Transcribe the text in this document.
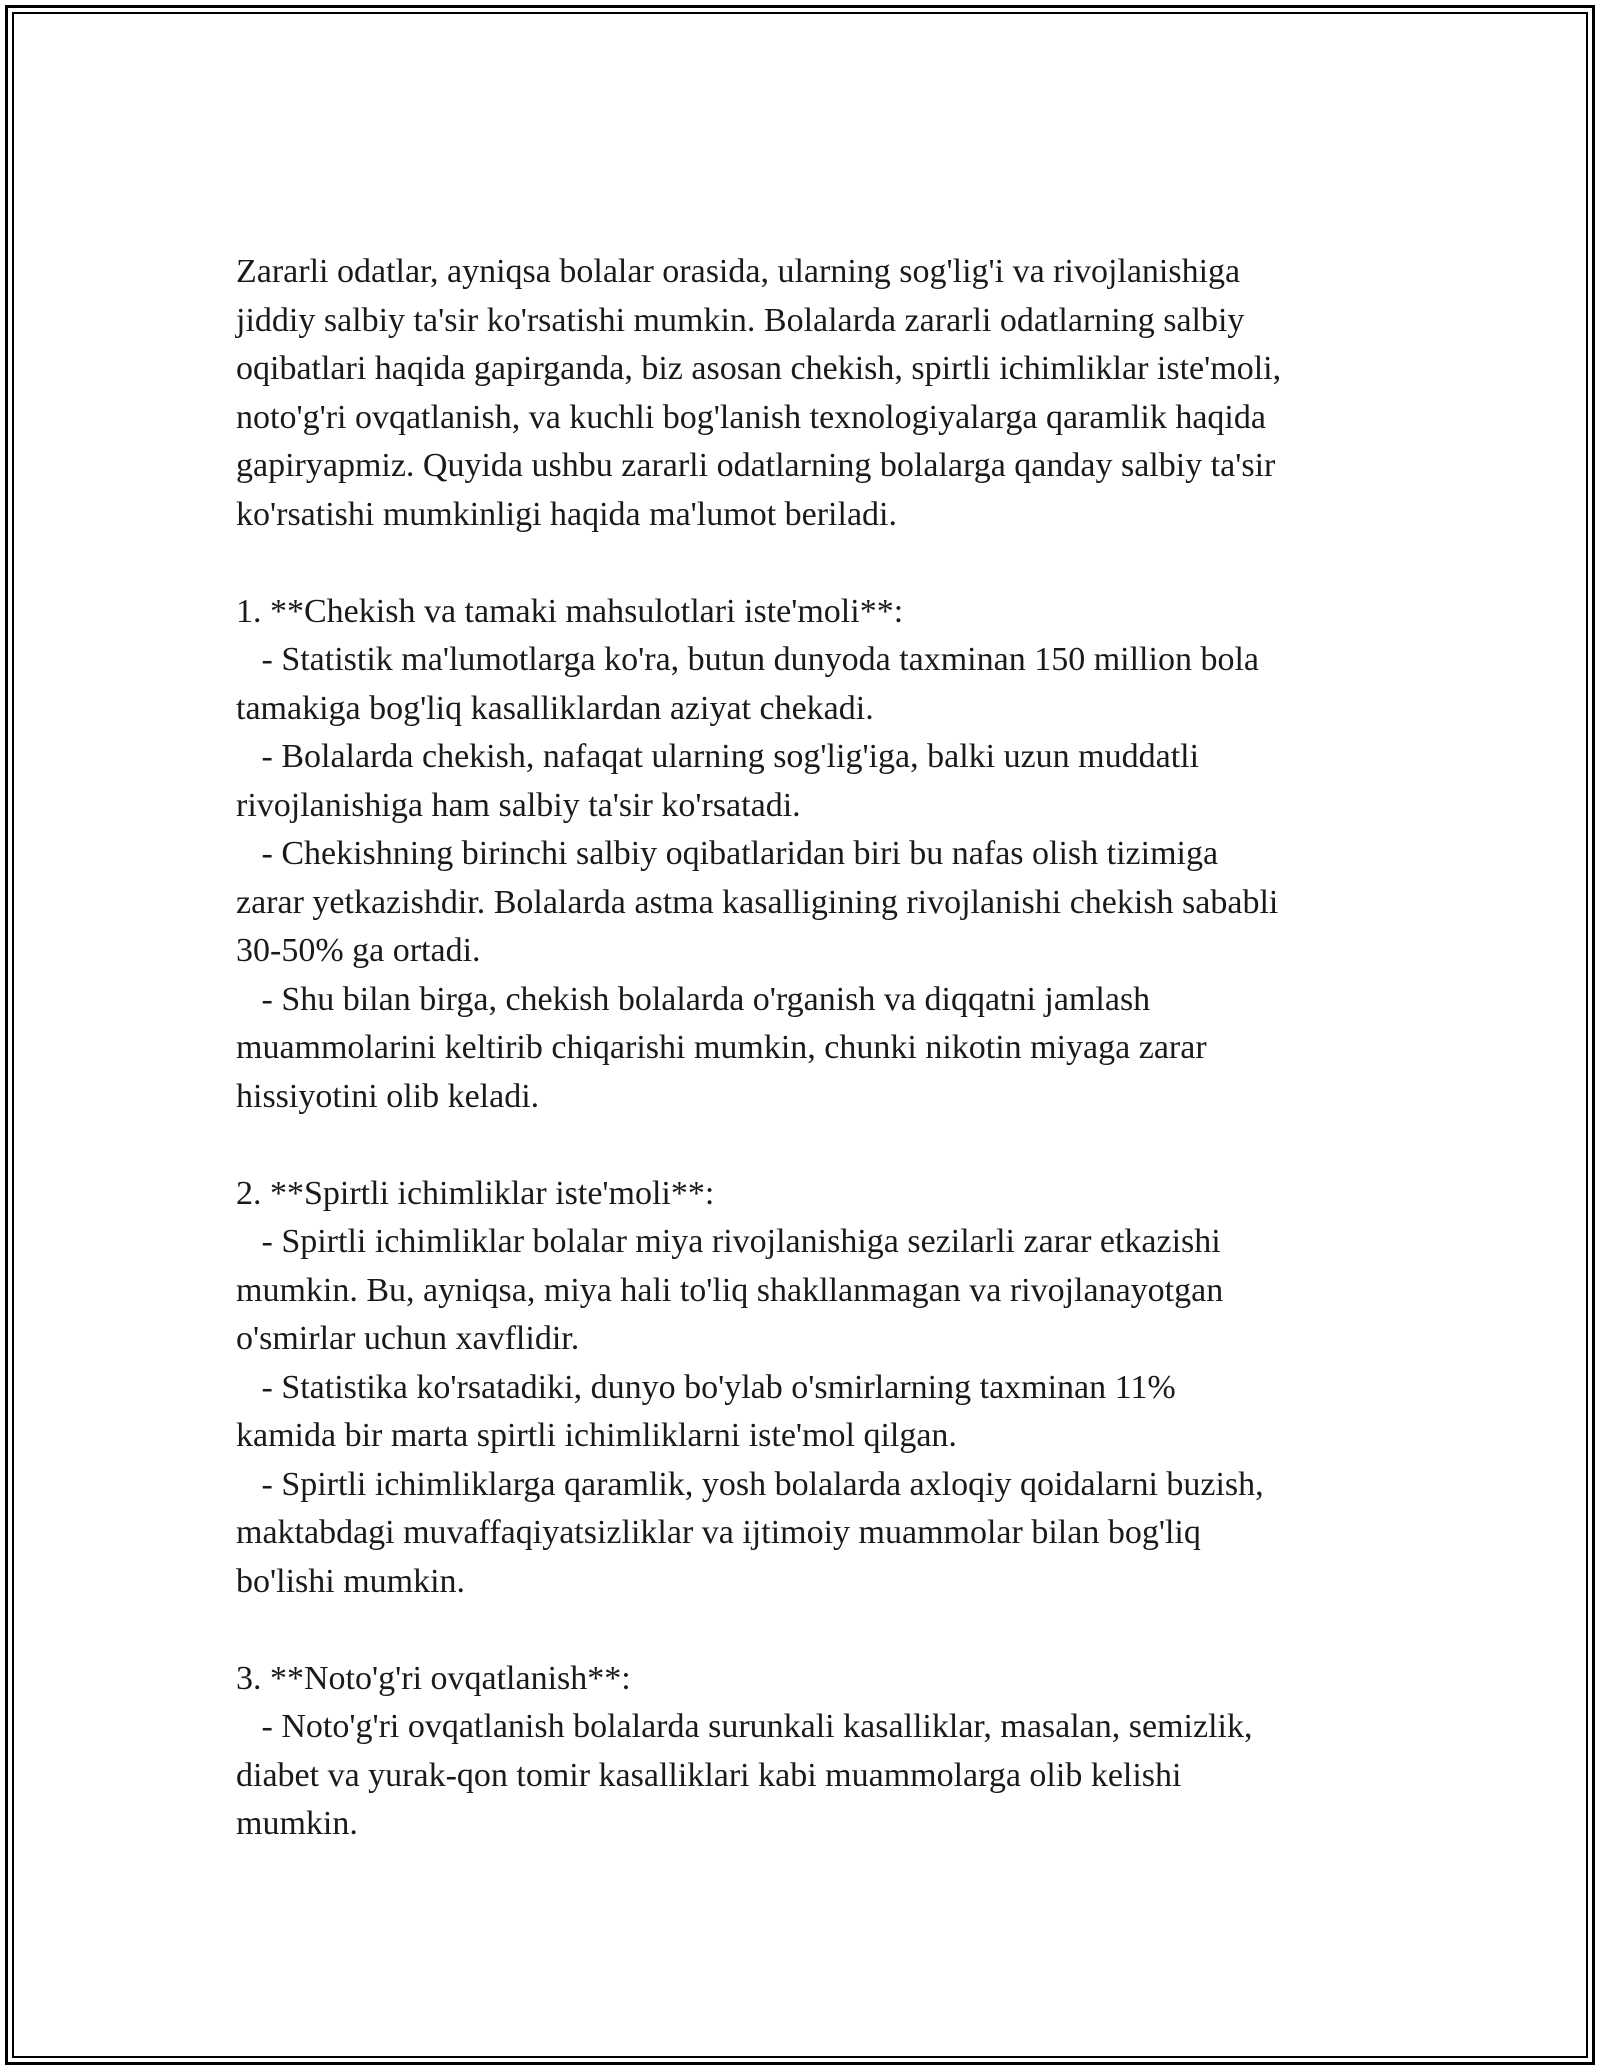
Zararli odatlar, ayniqsa bolalar orasida, ularning sog'lig'i va rivojlanishiga
jiddiy salbiy ta'sir ko'rsatishi mumkin. Bolalarda zararli odatlarning salbiy
oqibatlari haqida gapirganda, biz asosan chekish, spirtli ichimliklar iste'moli,
noto'g'ri ovqatlanish, va kuchli bog'lanish texnologiyalarga qaramlik haqida
gapiryapmiz. Quyida ushbu zararli odatlarning bolalarga qanday salbiy ta'sir
ko'rsatishi mumkinligi haqida ma'lumot beriladi.
1. **Chekish va tamaki mahsulotlari iste'moli**:
- Statistik ma'lumotlarga ko'ra, butun dunyoda taxminan 150 million bola
tamakiga bog'liq kasalliklardan aziyat chekadi.
- Bolalarda chekish, nafaqat ularning sog'lig'iga, balki uzun muddatli
rivojlanishiga ham salbiy ta'sir ko'rsatadi.
- Chekishning birinchi salbiy oqibatlaridan biri bu nafas olish tizimiga
zarar yetkazishdir. Bolalarda astma kasalligining rivojlanishi chekish sababli
30-50% ga ortadi.
- Shu bilan birga, chekish bolalarda o'rganish va diqqatni jamlash
muammolarini keltirib chiqarishi mumkin, chunki nikotin miyaga zarar
hissiyotini olib keladi.
2. **Spirtli ichimliklar iste'moli**:
- Spirtli ichimliklar bolalar miya rivojlanishiga sezilarli zarar etkazishi
mumkin. Bu, ayniqsa, miya hali to'liq shakllanmagan va rivojlanayotgan
o'smirlar uchun xavflidir.
- Statistika ko'rsatadiki, dunyo bo'ylab o'smirlarning taxminan 11%
kamida bir marta spirtli ichimliklarni iste'mol qilgan.
- Spirtli ichimliklarga qaramlik, yosh bolalarda axloqiy qoidalarni buzish,
maktabdagi muvaffaqiyatsizliklar va ijtimoiy muammolar bilan bog'liq
bo'lishi mumkin.
3. **Noto'g'ri ovqatlanish**:
- Noto'g'ri ovqatlanish bolalarda surunkali kasalliklar, masalan, semizlik,
diabet va yurak-qon tomir kasalliklari kabi muammolarga olib kelishi
mumkin.
